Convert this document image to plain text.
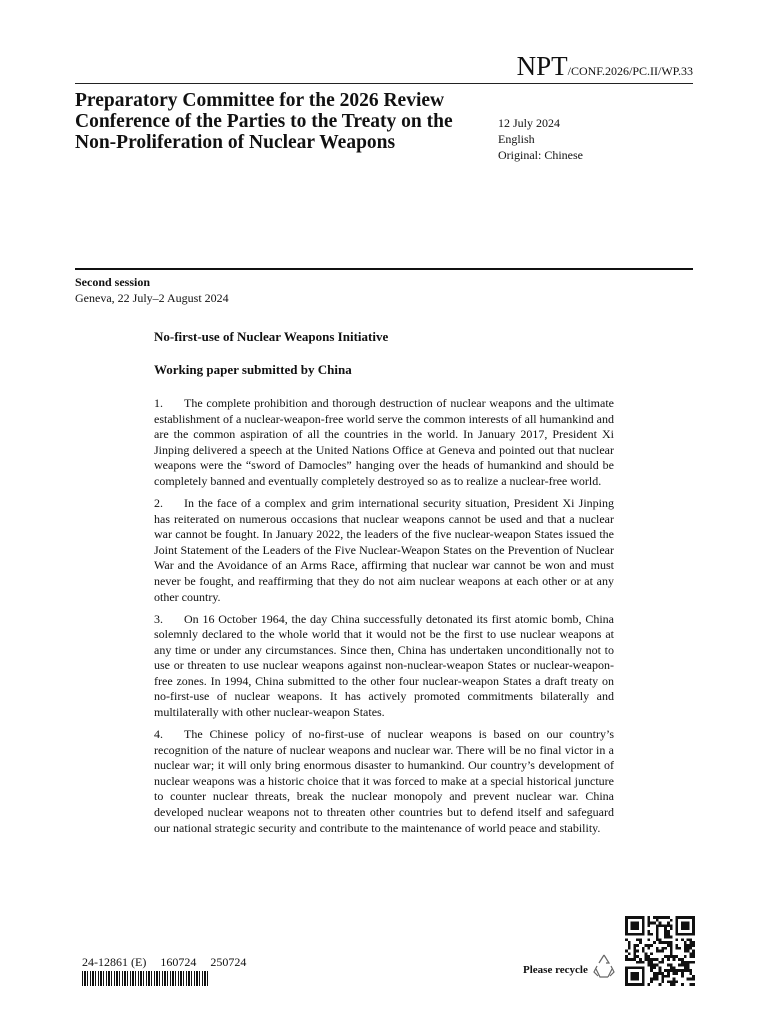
NPT/CONF.2026/PC.II/WP.33
Preparatory Committee for the 2026 Review Conference of the Parties to the Treaty on the Non-Proliferation of Nuclear Weapons
12 July 2024
English
Original: Chinese
Second session
Geneva, 22 July–2 August 2024
No-first-use of Nuclear Weapons Initiative
Working paper submitted by China

1. The complete prohibition and thorough destruction of nuclear weapons and the ultimate establishment of a nuclear-weapon-free world serve the common interests of all humankind and are the common aspiration of all the countries in the world. In January 2017, President Xi Jinping delivered a speech at the United Nations Office at Geneva and pointed out that nuclear weapons were the “sword of Damocles” hanging over the heads of humankind and should be completely banned and eventually completely destroyed so as to realize a nuclear-free world.

2. In the face of a complex and grim international security situation, President Xi Jinping has reiterated on numerous occasions that nuclear weapons cannot be used and that a nuclear war cannot be fought. In January 2022, the leaders of the five nuclear-weapon States issued the Joint Statement of the Leaders of the Five Nuclear-Weapon States on the Prevention of Nuclear War and the Avoidance of an Arms Race, affirming that nuclear war cannot be won and must never be fought, and reaffirming that they do not aim nuclear weapons at each other or at any other country.

3. On 16 October 1964, the day China successfully detonated its first atomic bomb, China solemnly declared to the whole world that it would not be the first to use nuclear weapons at any time or under any circumstances. Since then, China has undertaken unconditionally not to use or threaten to use nuclear weapons against non-nuclear-weapon States or nuclear-weapon-free zones. In 1994, China submitted to the other four nuclear-weapon States a draft treaty on no-first-use of nuclear weapons. It has actively promoted commitments bilaterally and multilaterally with other nuclear-weapon States.

4. The Chinese policy of no-first-use of nuclear weapons is based on our country’s recognition of the nature of nuclear weapons and nuclear war. There will be no final victor in a nuclear war; it will only bring enormous disaster to humankind. Our country’s development of nuclear weapons was a historic choice that it was forced to make at a special historical juncture to counter nuclear threats, break the nuclear monopoly and prevent nuclear war. China developed nuclear weapons not to threaten other countries but to defend itself and safeguard our national strategic security and contribute to the maintenance of world peace and stability.

24-12861 (E) 160724 250724
Please recycle
